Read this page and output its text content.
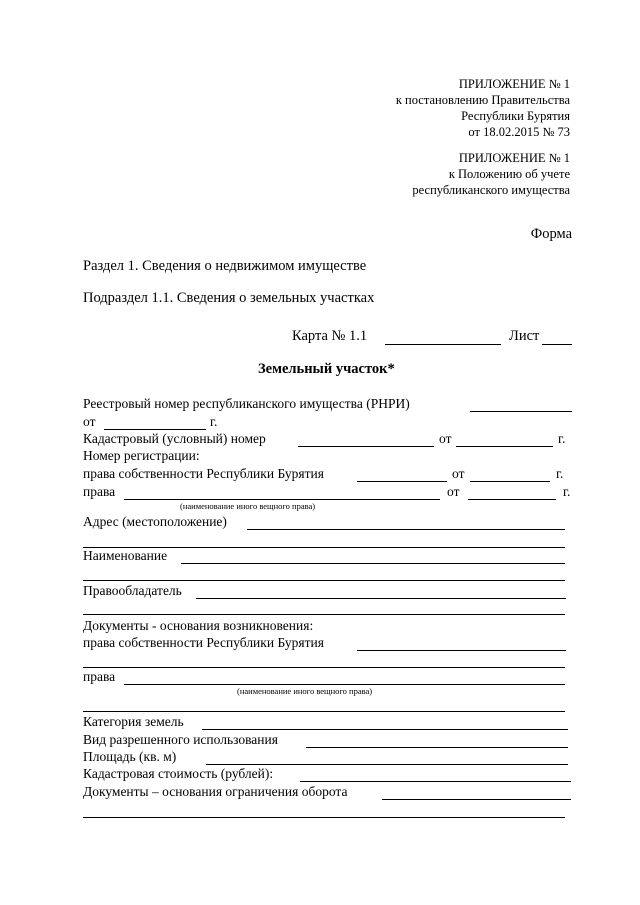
ПРИЛОЖЕНИЕ № 1
к постановлению Правительства
Республики Бурятия
от 18.02.2015 № 73
ПРИЛОЖЕНИЕ № 1
к Положению об учете
республиканского имущества
Форма
Раздел 1. Сведения о недвижимом имуществе
Подраздел 1.1. Сведения о земельных участках
Карта № 1.1	Лист
Земельный участок*
Реестровый номер республиканского имущества (РНРИ)
от	г.
Кадастровый (условный) номер	от	г.
Номер регистрации:
права собственности Республики Бурятия	от	г.
права	от	г.
(наименование иного вещного права)
Адрес (местоположение)
Наименование
Правообладатель
Документы - основания возникновения:
права собственности Республики Бурятия
права
(наименование иного вещного права)
Категория земель
Вид разрешенного использования
Площадь (кв. м)
Кадастровая стоимость (рублей):
Документы – основания ограничения оборота
